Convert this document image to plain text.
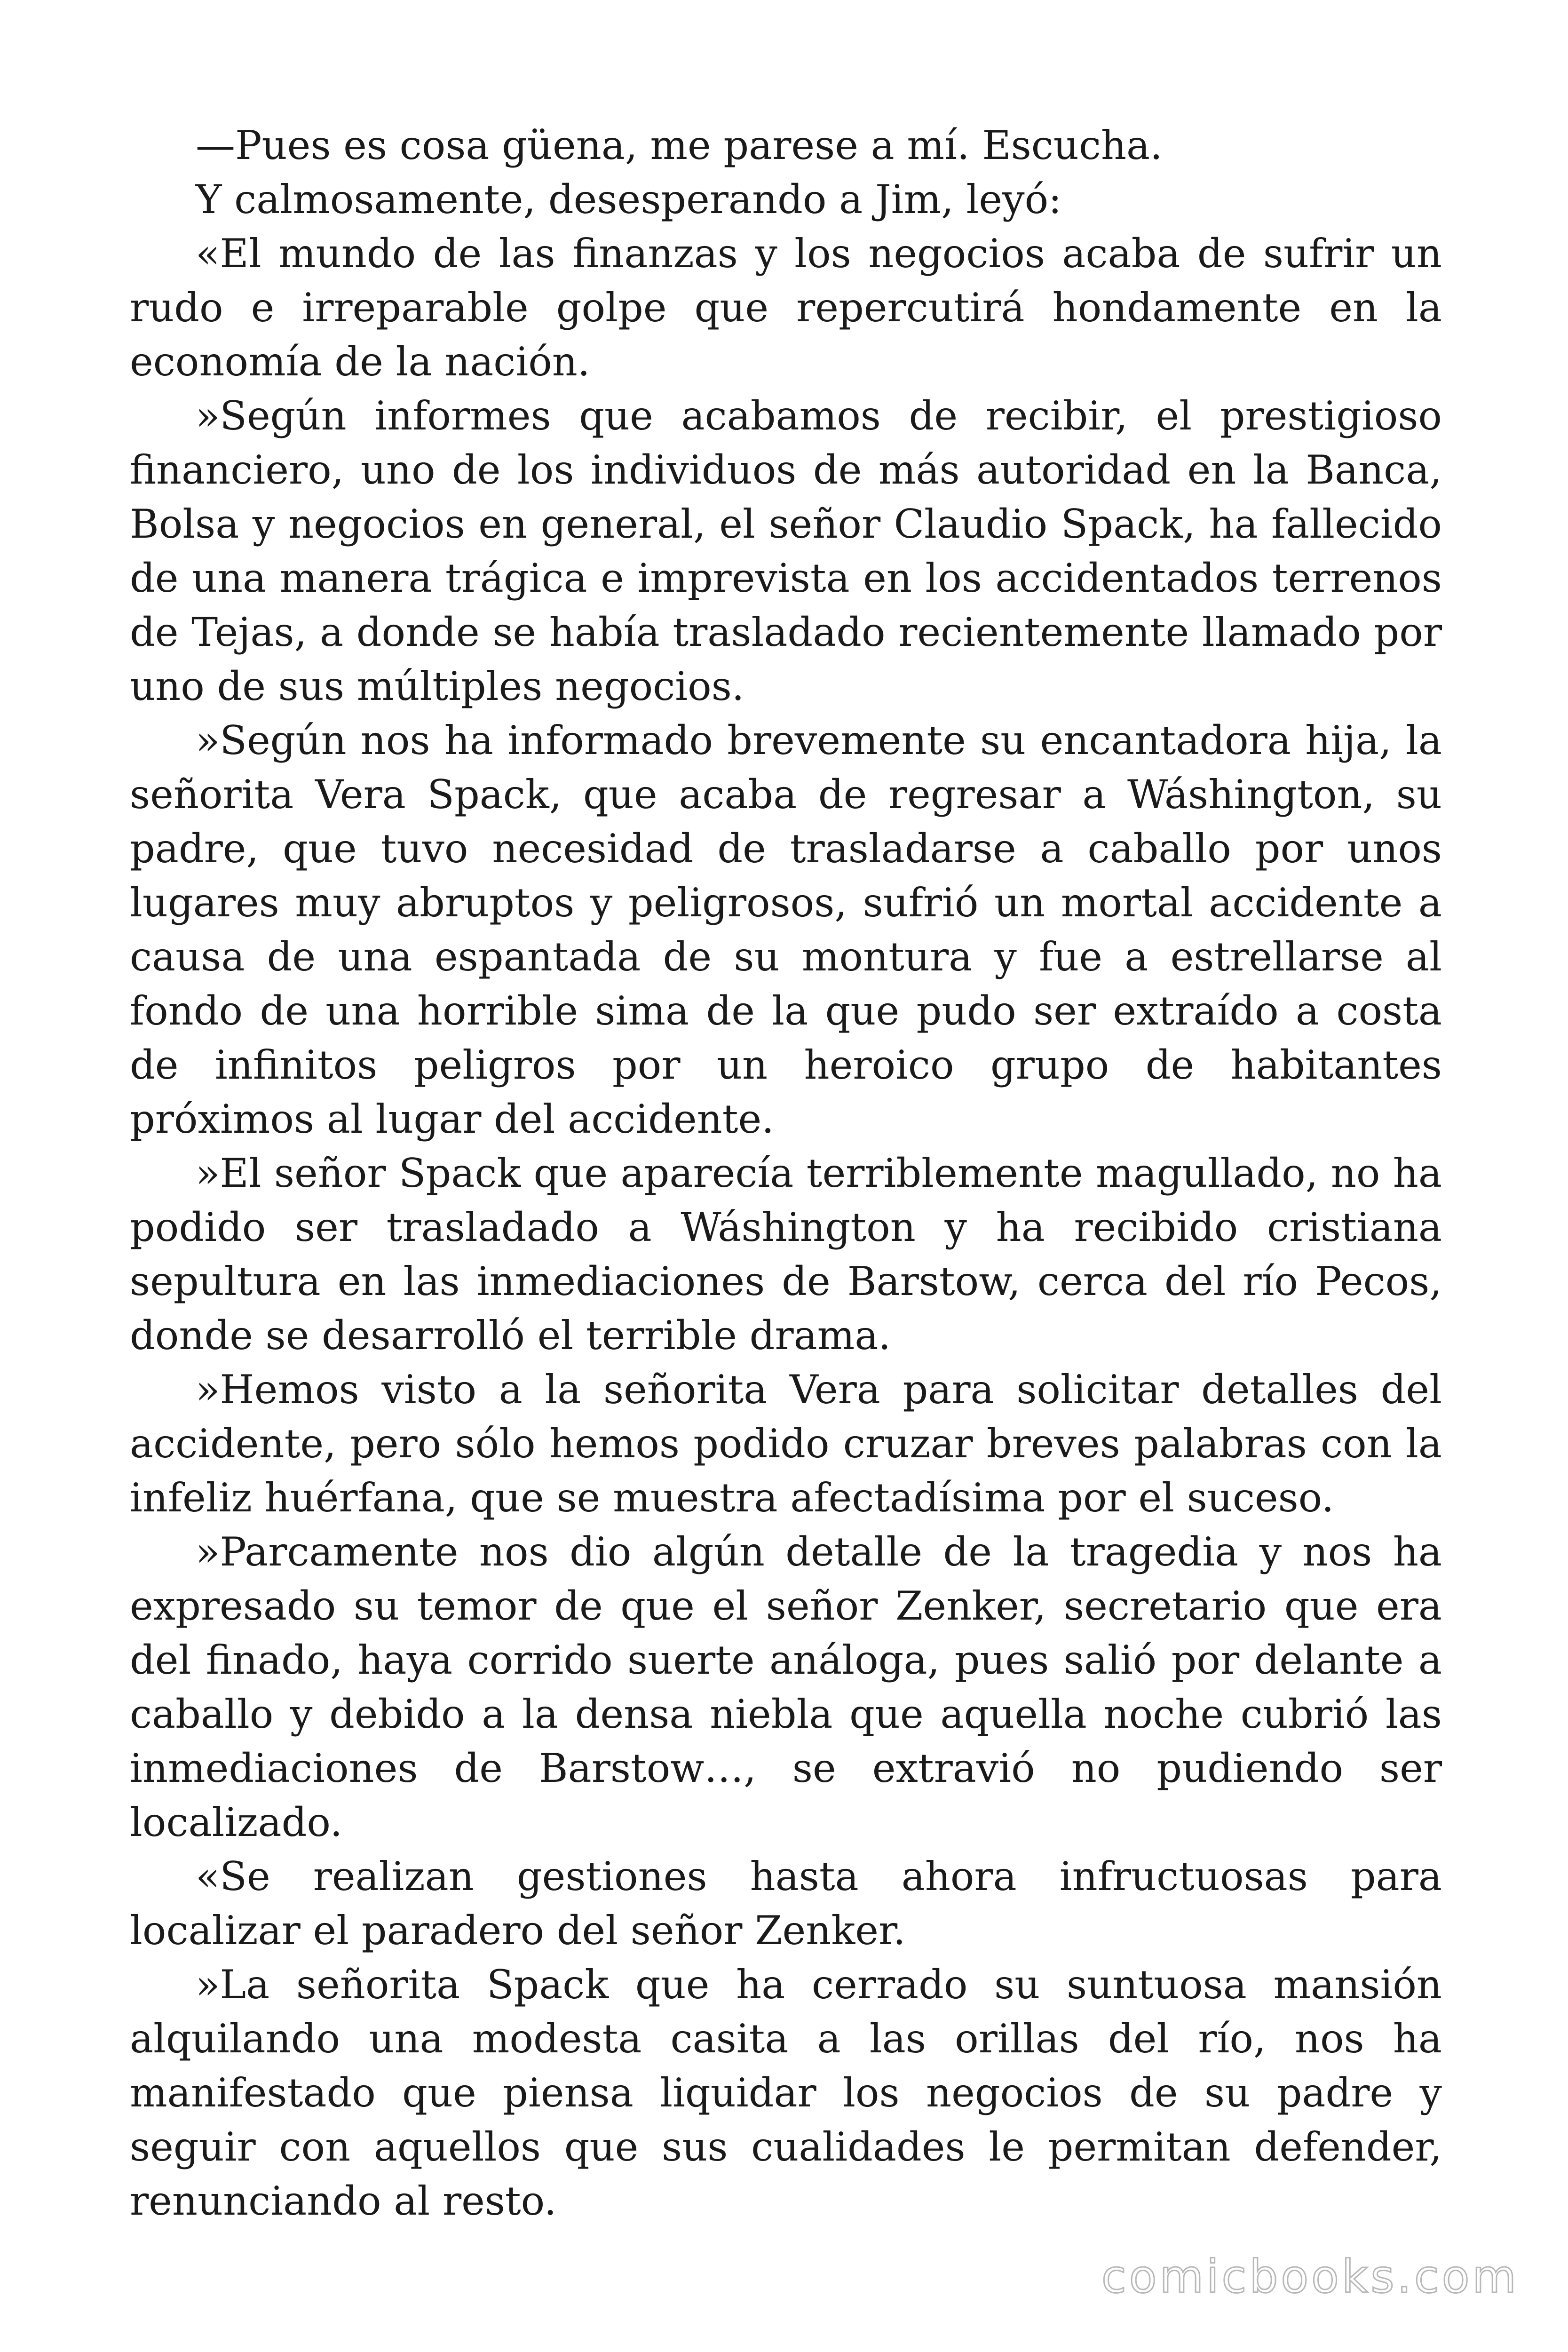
—Pues es cosa güena, me parese a mí. Escucha.

Y calmosamente, desesperando a Jim, leyó:

«El mundo de las finanzas y los negocios acaba de sufrir un rudo e irreparable golpe que repercutirá hondamente en la economía de la nación.

»Según informes que acabamos de recibir, el prestigioso financiero, uno de los individuos de más autoridad en la Banca, Bolsa y negocios en general, el señor Claudio Spack, ha fallecido de una manera trágica e imprevista en los accidentados terrenos de Tejas, a donde se había trasladado recientemente llamado por uno de sus múltiples negocios.

»Según nos ha informado brevemente su encantadora hija, la señorita Vera Spack, que acaba de regresar a Wáshington, su padre, que tuvo necesidad de trasladarse a caballo por unos lugares muy abruptos y peligrosos, sufrió un mortal accidente a causa de una espantada de su montura y fue a estrellarse al fondo de una horrible sima de la que pudo ser extraído a costa de infinitos peligros por un heroico grupo de habitantes próximos al lugar del accidente.

»El señor Spack que aparecía terriblemente magullado, no ha podido ser trasladado a Wáshington y ha recibido cristiana sepultura en las inmediaciones de Barstow, cerca del río Pecos, donde se desarrolló el terrible drama.

»Hemos visto a la señorita Vera para solicitar detalles del accidente, pero sólo hemos podido cruzar breves palabras con la infeliz huérfana, que se muestra afectadísima por el suceso.

»Parcamente nos dio algún detalle de la tragedia y nos ha expresado su temor de que el señor Zenker, secretario que era del finado, haya corrido suerte análoga, pues salió por delante a caballo y debido a la densa niebla que aquella noche cubrió las inmediaciones de Barstow…, se extravió no pudiendo ser localizado.

«Se realizan gestiones hasta ahora infructuosas para localizar el paradero del señor Zenker.

»La señorita Spack que ha cerrado su suntuosa mansión alquilando una modesta casita a las orillas del río, nos ha manifestado que piensa liquidar los negocios de su padre y seguir con aquellos que sus cualidades le permitan defender, renunciando al resto.

comicbooks.com
